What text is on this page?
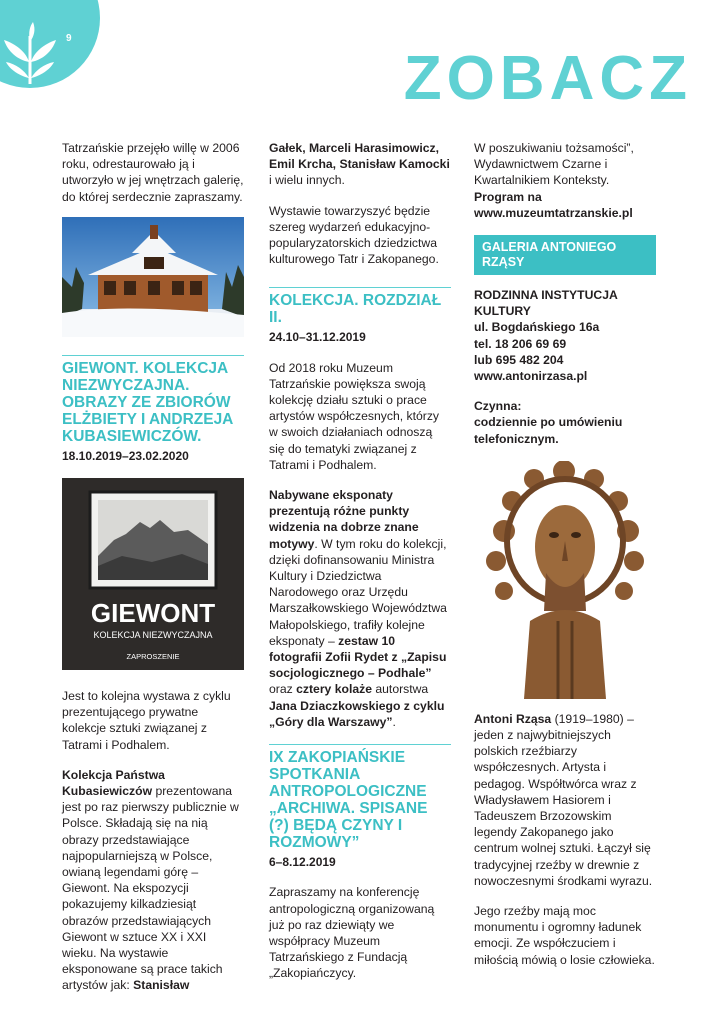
9
ZOBACZ

Tatrzańskie przejęło willę w 2006 roku, odrestaurowało ją i utworzyło w jej wnętrzach galerię, do której serdecznie zapraszamy.

GIEWONT. KOLEKCJA NIEZWYCZAJNA. OBRAZY ZE ZBIORÓW ELŻBIETY I ANDRZEJA KUBASIEWICZÓW.
18.10.2019–23.02.2020
GIEWONT
KOLEKCJA NIEZWYCZAJNA
ZAPROSZENIE

Jest to kolejna wystawa z cyklu prezentującego prywatne kolekcje sztuki związanej z Tatrami i Podhalem.

Kolekcja Państwa Kubasiewiczów prezentowana jest po raz pierwszy publicznie w Polsce. Składają się na nią obrazy przedstawiające najpopularniejszą w Polsce, owianą legendami górę – Giewont. Na ekspozycji pokazujemy kilkadziesiąt obrazów przedstawiających Giewont w sztuce XX i XXI wieku. Na wystawie eksponowane są prace takich artystów jak: Stanisław

Gałek, Marceli Harasimowicz, Emil Krcha, Stanisław Kamocki i wielu innych.

Wystawie towarzyszyć będzie szereg wydarzeń edukacyjno-popularyzatorskich dziedzictwa kulturowego Tatr i Zakopanego.

KOLEKCJA. ROZDZIAŁ II.
24.10–31.12.2019

Od 2018 roku Muzeum Tatrzańskie powiększa swoją kolekcję działu sztuki o prace artystów współczesnych, którzy w swoich działaniach odnoszą się do tematyki związanej z Tatrami i Podhalem.

Nabywane eksponaty prezentują różne punkty widzenia na dobrze znane motywy. W tym roku do kolekcji, dzięki dofinansowaniu Ministra Kultury i Dziedzictwa Narodowego oraz Urzędu Marszałkowskiego Województwa Małopolskiego, trafiły kolejne eksponaty – zestaw 10 fotografii Zofii Rydet z „Zapisu socjologicznego – Podhale” oraz cztery kolaże autorstwa Jana Dziaczkowskiego z cyklu „Góry dla Warszawy”.

IX ZAKOPIAŃSKIE SPOTKANIA ANTROPOLOGICZNE „ARCHIWA. SPISANE (?) BĘDĄ CZYNY I ROZMOWY”
6–8.12.2019

Zapraszamy na konferencję antropologiczną organizowaną już po raz dziewiąty we współpracy Muzeum Tatrzańskiego z Fundacją „Zakopiańczycy.

W poszukiwaniu tożsamości”, Wydawnictwem Czarne i Kwartalnikiem Konteksty. Program na www.muzeumtatrzanskie.pl

GALERIA ANTONIEGO RZĄSY

RODZINNA INSTYTUCJA KULTURY
ul. Bogdańskiego 16a
tel. 18 206 69 69
lub 695 482 204
www.antonirzasa.pl

Czynna:
codziennie po umówieniu telefonicznym.

Antoni Rząsa (1919–1980) – jeden z najwybitniejszych polskich rzeźbiarzy współczesnych. Artysta i pedagog. Współtwórca wraz z Władysławem Hasiorem i Tadeuszem Brzozowskim legendy Zakopanego jako centrum wolnej sztuki. Łączył się tradycyjnej rzeźby w drewnie z nowoczesnymi środkami wyrazu.

Jego rzeźby mają moc monumentu i ogromny ładunek emocji. Ze współczuciem i miłością mówią o losie człowieka.
